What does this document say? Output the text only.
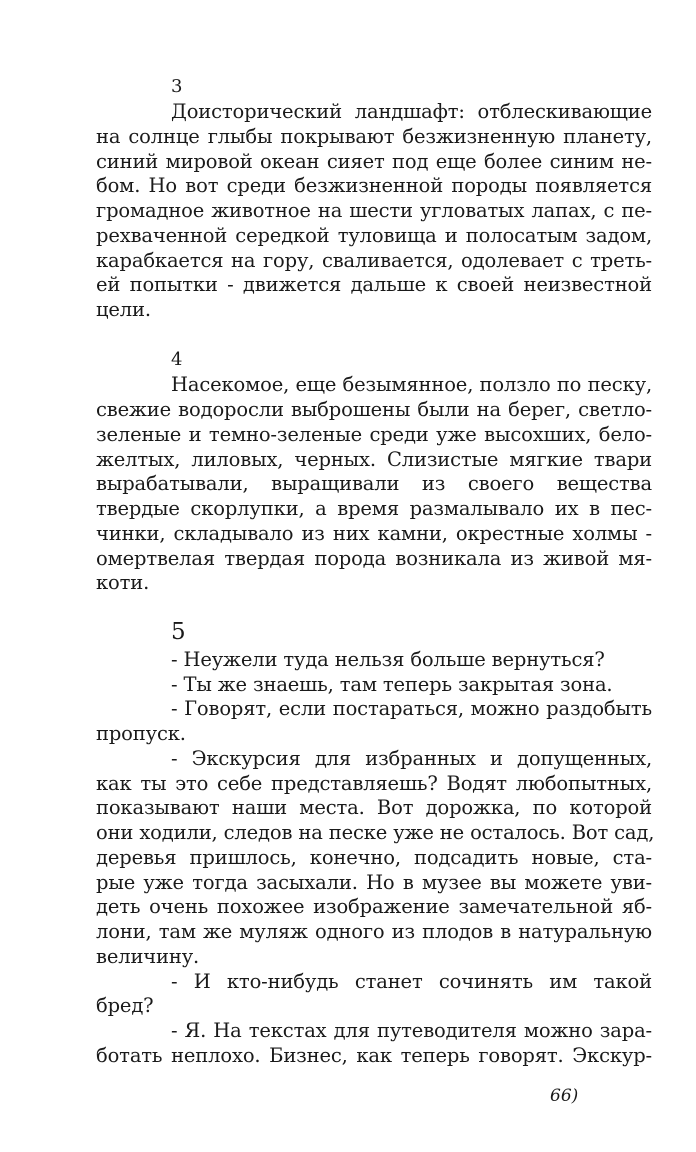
3
Доисторический ландшафт: отблескивающие
на солнце глыбы покрывают безжизненную планету,
синий мировой океан сияет под еще более синим не-
бом. Но вот среди безжизненной породы появляется
громадное животное на шести угловатых лапах, с пе-
рехваченной середкой туловища и полосатым задом,
карабкается на гору, сваливается, одолевает с треть-
ей попытки - движется дальше к своей неизвестной
цели.
4
Насекомое, еще безымянное, ползло по песку,
свежие водоросли выброшены были на берег, светло-
зеленые и темно-зеленые среди уже высохших, бело-
желтых, лиловых, черных. Слизистые мягкие твари
вырабатывали, выращивали из своего вещества
твердые скорлупки, а время размалывало их в пес-
чинки, складывало из них камни, окрестные холмы -
омертвелая твердая порода возникала из живой мя-
коти.
5
- Неужели туда нельзя больше вернуться?
- Ты же знаешь, там теперь закрытая зона.
- Говорят, если постараться, можно раздобыть
пропуск.
- Экскурсия для избранных и допущенных,
как ты это себе представляешь? Водят любопытных,
показывают наши места. Вот дорожка, по которой
они ходили, следов на песке уже не осталось. Вот сад,
деревья пришлось, конечно, подсадить новые, ста-
рые уже тогда засыхали. Но в музее вы можете уви-
деть очень похожее изображение замечательной яб-
лони, там же муляж одного из плодов в натуральную
величину.
- И кто-нибудь станет сочинять им такой
бред?
- Я. На текстах для путеводителя можно зара-
ботать неплохо. Бизнес, как теперь говорят. Экскур-
66)
